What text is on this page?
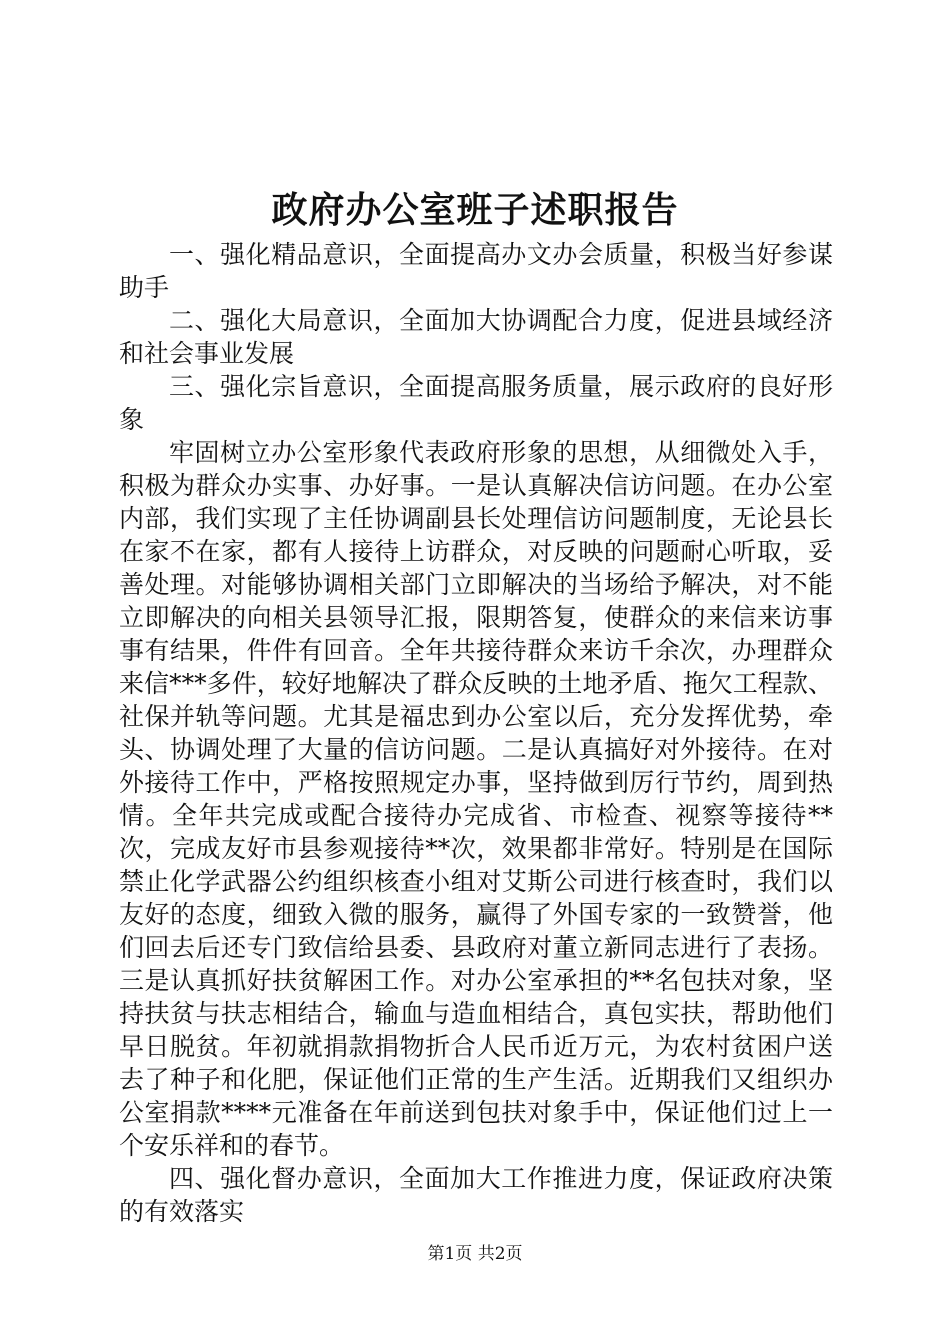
政府办公室班子述职报告

一、强化精品意识，全面提高办文办会质量，积极当好参谋助手

二、强化大局意识，全面加大协调配合力度，促进县域经济和社会事业发展

三、强化宗旨意识，全面提高服务质量，展示政府的良好形象

牢固树立办公室形象代表政府形象的思想，从细微处入手，积极为群众办实事、办好事。一是认真解决信访问题。在办公室内部，我们实现了主任协调副县长处理信访问题制度，无论县长在家不在家，都有人接待上访群众，对反映的问题耐心听取，妥善处理。对能够协调相关部门立即解决的当场给予解决，对不能立即解决的向相关县领导汇报，限期答复，使群众的来信来访事事有结果，件件有回音。全年共接待群众来访千余次，办理群众来信***多件，较好地解决了群众反映的土地矛盾、拖欠工程款、社保并轨等问题。尤其是福忠到办公室以后，充分发挥优势，牵头、协调处理了大量的信访问题。二是认真搞好对外接待。在对外接待工作中，严格按照规定办事，坚持做到厉行节约，周到热情。全年共完成或配合接待办完成省、市检查、视察等接待**次，完成友好市县参观接待**次，效果都非常好。特别是在国际禁止化学武器公约组织核查小组对艾斯公司进行核查时，我们以友好的态度，细致入微的服务，赢得了外国专家的一致赞誉，他们回去后还专门致信给县委、县政府对董立新同志进行了表扬。三是认真抓好扶贫解困工作。对办公室承担的**名包扶对象，坚持扶贫与扶志相结合，输血与造血相结合，真包实扶，帮助他们早日脱贫。年初就捐款捐物折合人民币近万元，为农村贫困户送去了种子和化肥，保证他们正常的生产生活。近期我们又组织办公室捐款****元准备在年前送到包扶对象手中，保证他们过上一个安乐祥和的春节。

四、强化督办意识，全面加大工作推进力度，保证政府决策的有效落实

第1页 共2页
